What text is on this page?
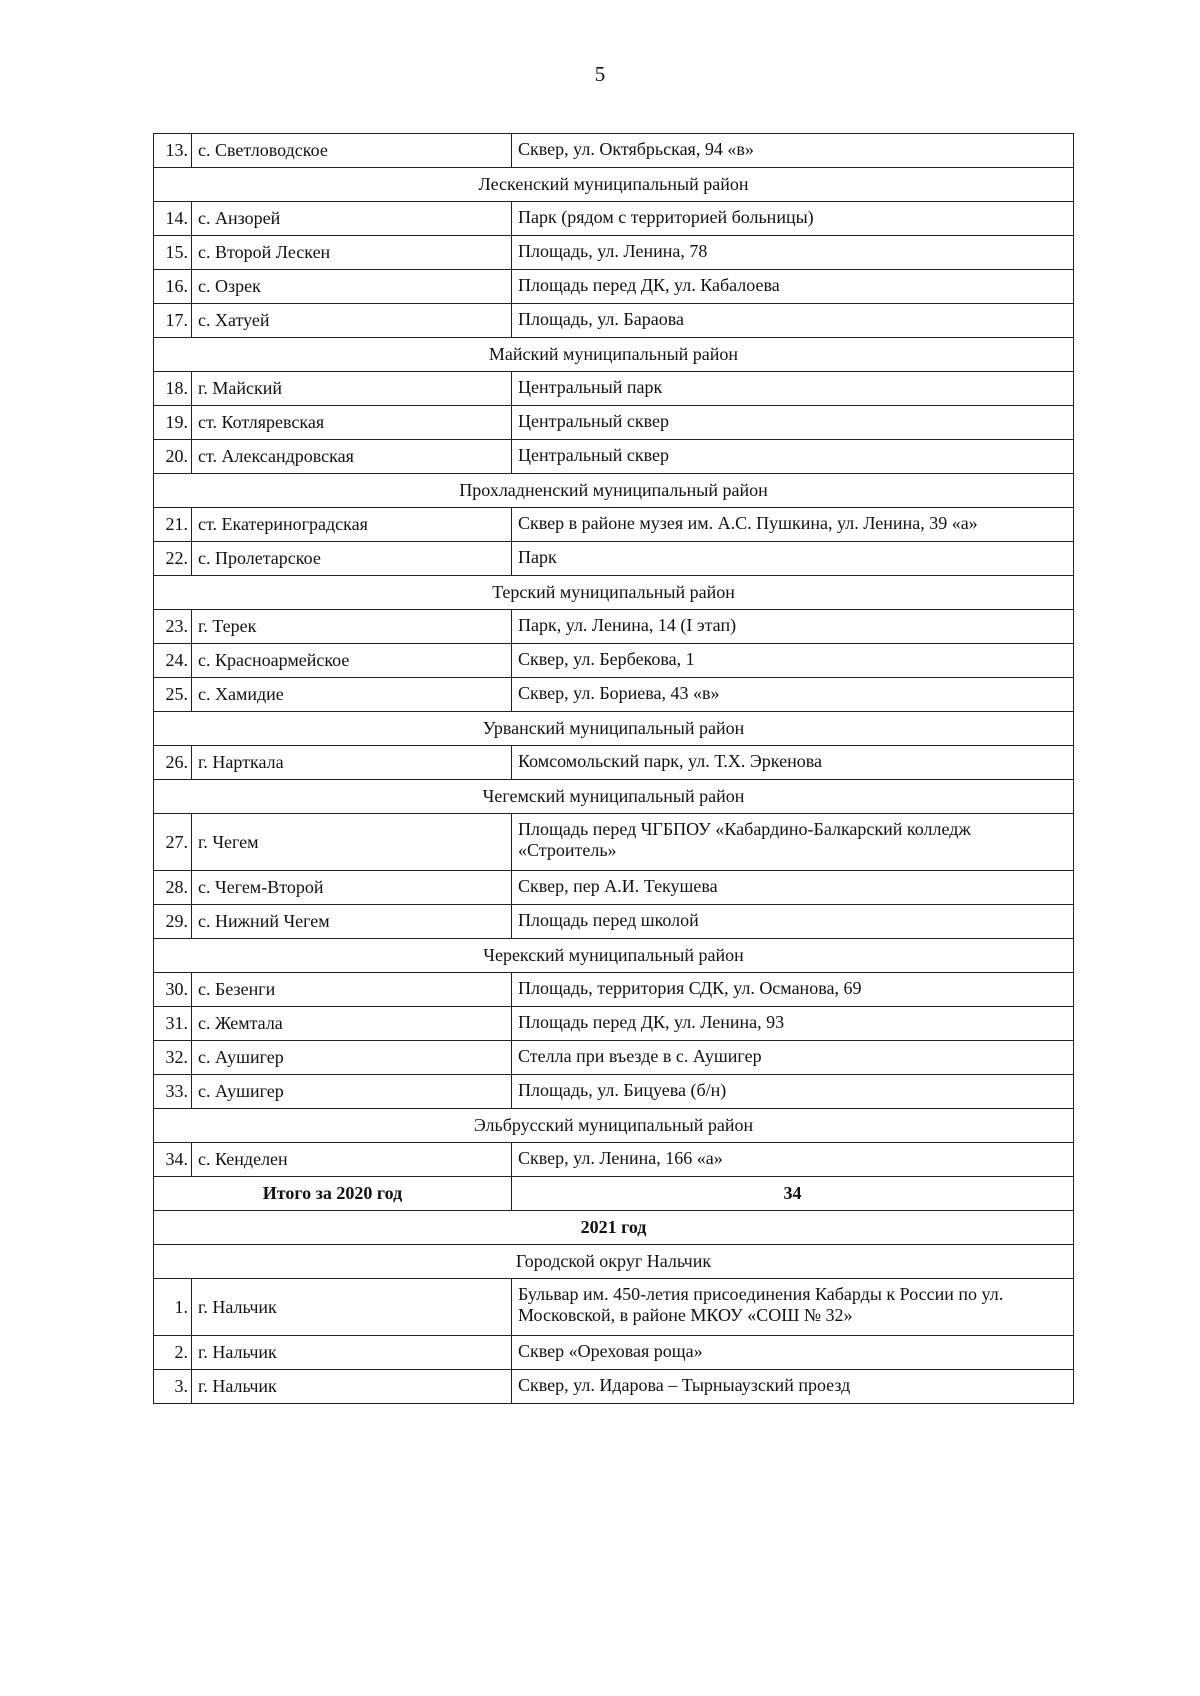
5
13.	с. Светловодское	Сквер, ул. Октябрьская, 94 «в»
Лескенский муниципальный район		
14.	с. Анзорей	Парк (рядом с территорией больницы)
15.	с. Второй Лескен	Площадь, ул. Ленина, 78
16.	с. Озрек	Площадь перед ДК, ул. Кабалоева
17.	с. Хатуей	Площадь, ул. Бараова
Майский муниципальный район		
18.	г. Майский	Центральный парк
19.	ст. Котляревская	Центральный сквер
20.	ст. Александровская	Центральный сквер
Прохладненский муниципальный район		
21.	ст. Екатериноградская	Сквер в районе музея им. А.С. Пушкина, ул. Ленина, 39 «а»
22.	с. Пролетарское	Парк
Терский муниципальный район		
23.	г. Терек	Парк, ул. Ленина, 14 (I этап)
24.	с. Красноармейское	Сквер, ул. Бербекова, 1
25.	с. Хамидие	Сквер, ул. Бориева, 43 «в»
Урванский муниципальный район		
26.	г. Нарткала	Комсомольский парк, ул. Т.Х. Эркенова
Чегемский муниципальный район		
27.	г. Чегем	Площадь перед ЧГБПОУ «Кабардино-Балкарский колледж «Строитель»
28.	с. Чегем-Второй	Сквер, пер А.И. Текушева
29.	с. Нижний Чегем	Площадь перед школой
Черекский муниципальный район		
30.	с. Безенги	Площадь, территория СДК, ул. Османова, 69
31.	с. Жемтала	Площадь перед ДК, ул. Ленина, 93
32.	с. Аушигер	Стелла при въезде в с. Аушигер
33.	с. Аушигер	Площадь, ул. Бицуева (б/н)
Эльбрусский муниципальный район		
34.	с. Кенделен	Сквер, ул. Ленина, 166 «а»
Итого за 2020 год		34
2021 год		
Городской округ Нальчик		
1.	г. Нальчик	Бульвар им. 450-летия присоединения Кабарды к России по ул. Московской, в районе МКОУ «СОШ № 32»
2.	г. Нальчик	Сквер «Ореховая роща»
3.	г. Нальчик	Сквер, ул. Идарова – Тырныаузский проезд
